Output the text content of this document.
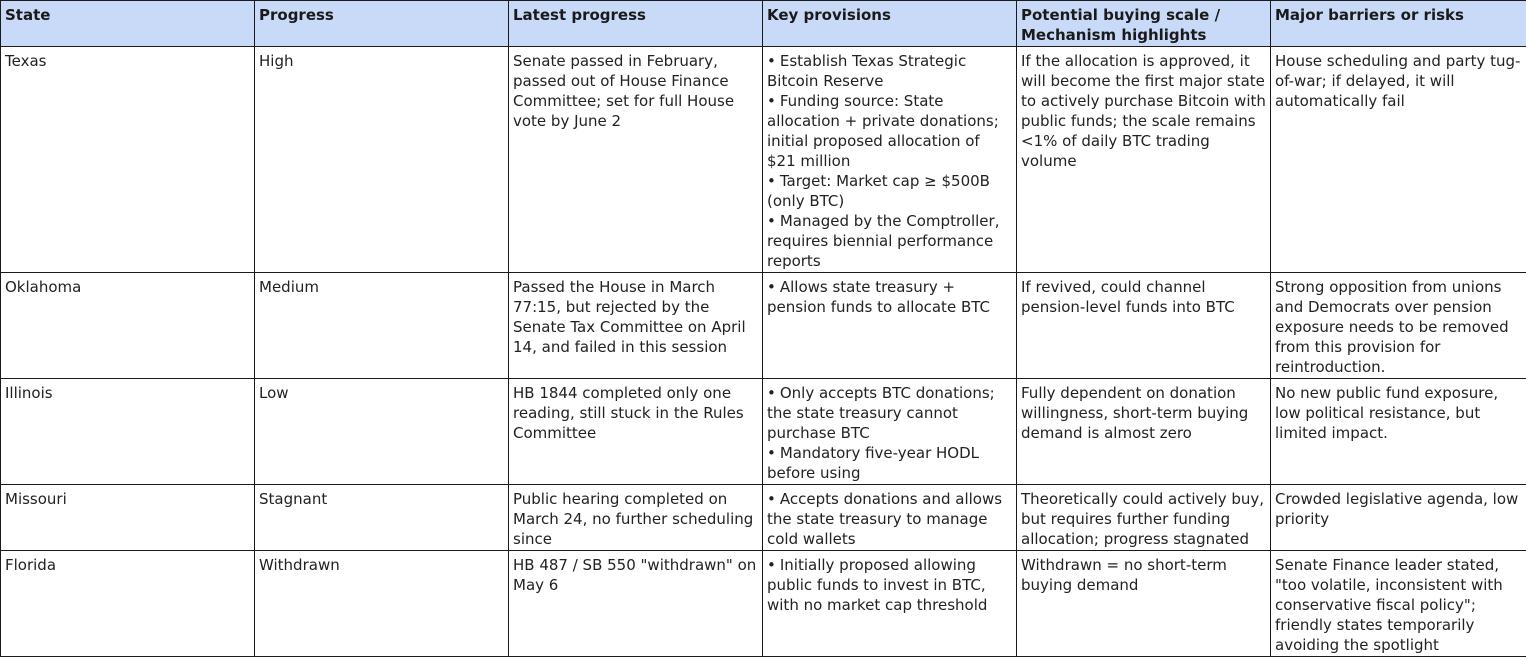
State	Progress	Latest progress	Key provisions	Potential buying scale / Mechanism highlights	Major barriers or risks
Texas	High	Senate passed in February, passed out of House Finance Committee; set for full House vote by June 2	• Establish Texas Strategic Bitcoin Reserve
• Funding source: State allocation + private donations; initial proposed allocation of $21 million
• Target: Market cap ≥ $500B (only BTC)
• Managed by the Comptroller, requires biennial performance reports	If the allocation is approved, it will become the first major state to actively purchase Bitcoin with public funds; the scale remains <1% of daily BTC trading volume	House scheduling and party tug-of-war; if delayed, it will automatically fail
Oklahoma	Medium	Passed the House in March 77:15, but rejected by the Senate Tax Committee on April 14, and failed in this session	• Allows state treasury + pension funds to allocate BTC	If revived, could channel pension-level funds into BTC	Strong opposition from unions and Democrats over pension exposure needs to be removed from this provision for reintroduction.
Illinois	Low	HB 1844 completed only one reading, still stuck in the Rules Committee	• Only accepts BTC donations; the state treasury cannot purchase BTC
• Mandatory five-year HODL before using	Fully dependent on donation willingness, short-term buying demand is almost zero	No new public fund exposure, low political resistance, but limited impact.
Missouri	Stagnant	Public hearing completed on March 24, no further scheduling since	• Accepts donations and allows the state treasury to manage cold wallets	Theoretically could actively buy, but requires further funding allocation; progress stagnated	Crowded legislative agenda, low priority
Florida	Withdrawn	HB 487 / SB 550 "withdrawn" on May 6	• Initially proposed allowing public funds to invest in BTC, with no market cap threshold	Withdrawn = no short-term buying demand	Senate Finance leader stated, "too volatile, inconsistent with conservative fiscal policy"; friendly states temporarily avoiding the spotlight
